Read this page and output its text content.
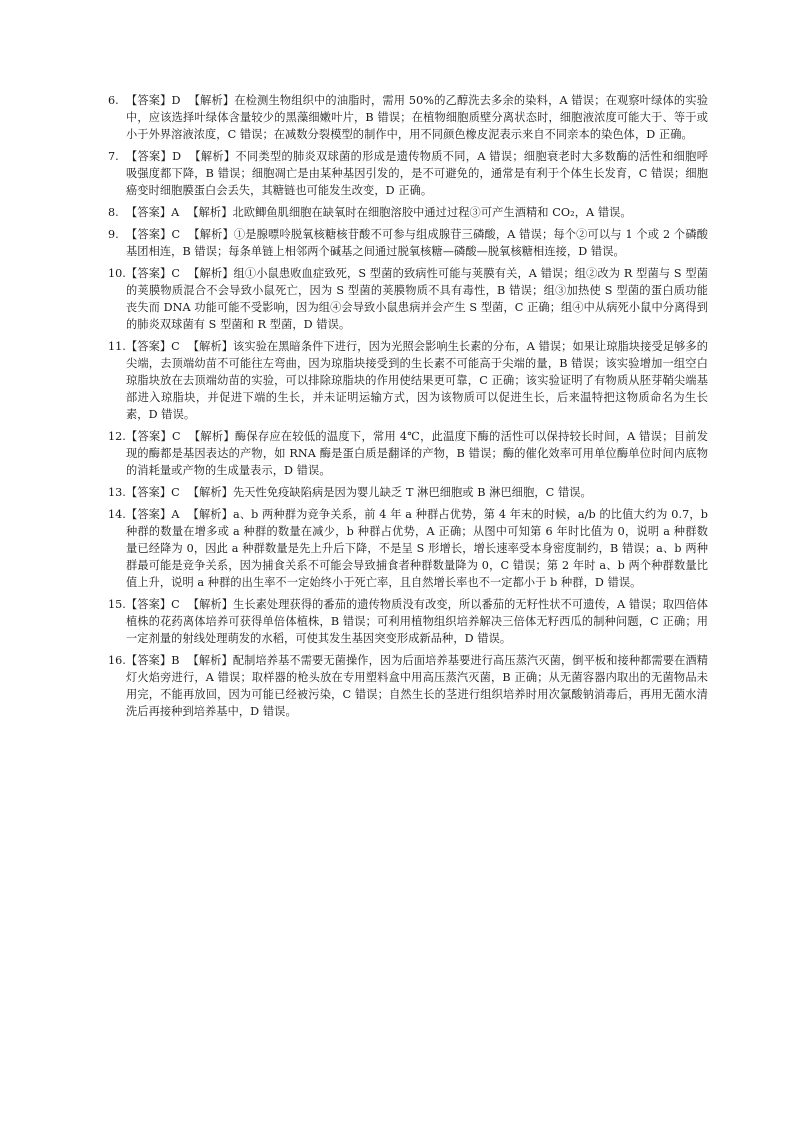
6. 【答案】D 【解析】在检测生物组织中的油脂时，需用 50%的乙醇洗去多余的染料，A 错误；在观察叶绿体的实验中，应该选择叶绿体含量较少的黑藻细嫩叶片，B 错误；在植物细胞质壁分离状态时，细胞液浓度可能大于、等于或小于外界溶液浓度，C 错误；在减数分裂模型的制作中，用不同颜色橡皮泥表示来自不同亲本的染色体，D 正确。
7. 【答案】D 【解析】不同类型的肺炎双球菌的形成是遗传物质不同，A 错误；细胞衰老时大多数酶的活性和细胞呼吸强度都下降，B 错误；细胞凋亡是由某种基因引发的，是不可避免的，通常是有利于个体生长发育，C 错误；细胞癌变时细胞膜蛋白会丢失，其糖链也可能发生改变，D 正确。
8. 【答案】A 【解析】北欧鲫鱼肌细胞在缺氧时在细胞溶胶中通过过程③可产生酒精和 CO₂，A 错误。
9. 【答案】C 【解析】①是腺嘌呤脱氧核糖核苷酸不可参与组成腺苷三磷酸，A 错误；每个②可以与 1 个或 2 个磷酸基团相连，B 错误；每条单链上相邻两个碱基之间通过脱氧核糖—磷酸—脱氧核糖相连接，D 错误。
10. 【答案】C 【解析】组①小鼠患败血症致死，S 型菌的致病性可能与荚膜有关，A 错误；组②改为 R 型菌与 S 型菌的荚膜物质混合不会导致小鼠死亡，因为 S 型菌的荚膜物质不具有毒性，B 错误；组③加热使 S 型菌的蛋白质功能丧失而 DNA 功能可能不受影响，因为组④会导致小鼠患病并会产生 S 型菌，C 正确；组④中从病死小鼠中分离得到的肺炎双球菌有 S 型菌和 R 型菌，D 错误。
11. 【答案】C 【解析】该实验在黑暗条件下进行，因为光照会影响生长素的分布，A 错误；如果让琼脂块接受足够多的尖端，去顶端幼苗不可能往左弯曲，因为琼脂块接受到的生长素不可能高于尖端的量，B 错误；该实验增加一组空白琼脂块放在去顶端幼苗的实验，可以排除琼脂块的作用使结果更可靠，C 正确；该实验证明了有物质从胚芽鞘尖端基部进入琼脂块，并促进下端的生长，并未证明运输方式，因为该物质可以促进生长，后来温特把这物质命名为生长素，D 错误。
12. 【答案】C 【解析】酶保存应在较低的温度下，常用 4℃，此温度下酶的活性可以保持较长时间，A 错误；目前发现的酶都是基因表达的产物，如 RNA 酶是蛋白质是翻译的产物，B 错误；酶的催化效率可用单位酶单位时间内底物的消耗量或产物的生成量表示，D 错误。
13. 【答案】C 【解析】先天性免疫缺陷病是因为婴儿缺乏 T 淋巴细胞或 B 淋巴细胞，C 错误。
14. 【答案】A 【解析】a、b 两种群为竞争关系，前 4 年 a 种群占优势，第 4 年末的时候，a/b 的比值大约为 0.7，b 种群的数量在增多或 a 种群的数量在减少，b 种群占优势，A 正确；从图中可知第 6 年时比值为 0，说明 a 种群数量已经降为 0，因此 a 种群数量是先上升后下降，不是呈 S 形增长，增长速率受本身密度制约，B 错误；a、b 两种群最可能是竞争关系，因为捕食关系不可能会导致捕食者种群数量降为 0，C 错误；第 2 年时 a、b 两个种群数量比值上升，说明 a 种群的出生率不一定始终小于死亡率，且自然增长率也不一定都小于 b 种群，D 错误。
15. 【答案】C 【解析】生长素处理获得的番茄的遗传物质没有改变，所以番茄的无籽性状不可遗传，A 错误；取四倍体植株的花药离体培养可获得单倍体植株，B 错误；可利用植物组织培养解决三倍体无籽西瓜的制种问题，C 正确；用一定剂量的射线处理萌发的水稻，可使其发生基因突变形成新品种，D 错误。
16. 【答案】B 【解析】配制培养基不需要无菌操作，因为后面培养基要进行高压蒸汽灭菌，倒平板和接种都需要在酒精灯火焰旁进行，A 错误；取样器的枪头放在专用塑料盒中用高压蒸汽灭菌，B 正确；从无菌容器内取出的无菌物品未用完，不能再放回，因为可能已经被污染，C 错误；自然生长的茎进行组织培养时用次氯酸钠消毒后，再用无菌水清洗后再接种到培养基中，D 错误。
